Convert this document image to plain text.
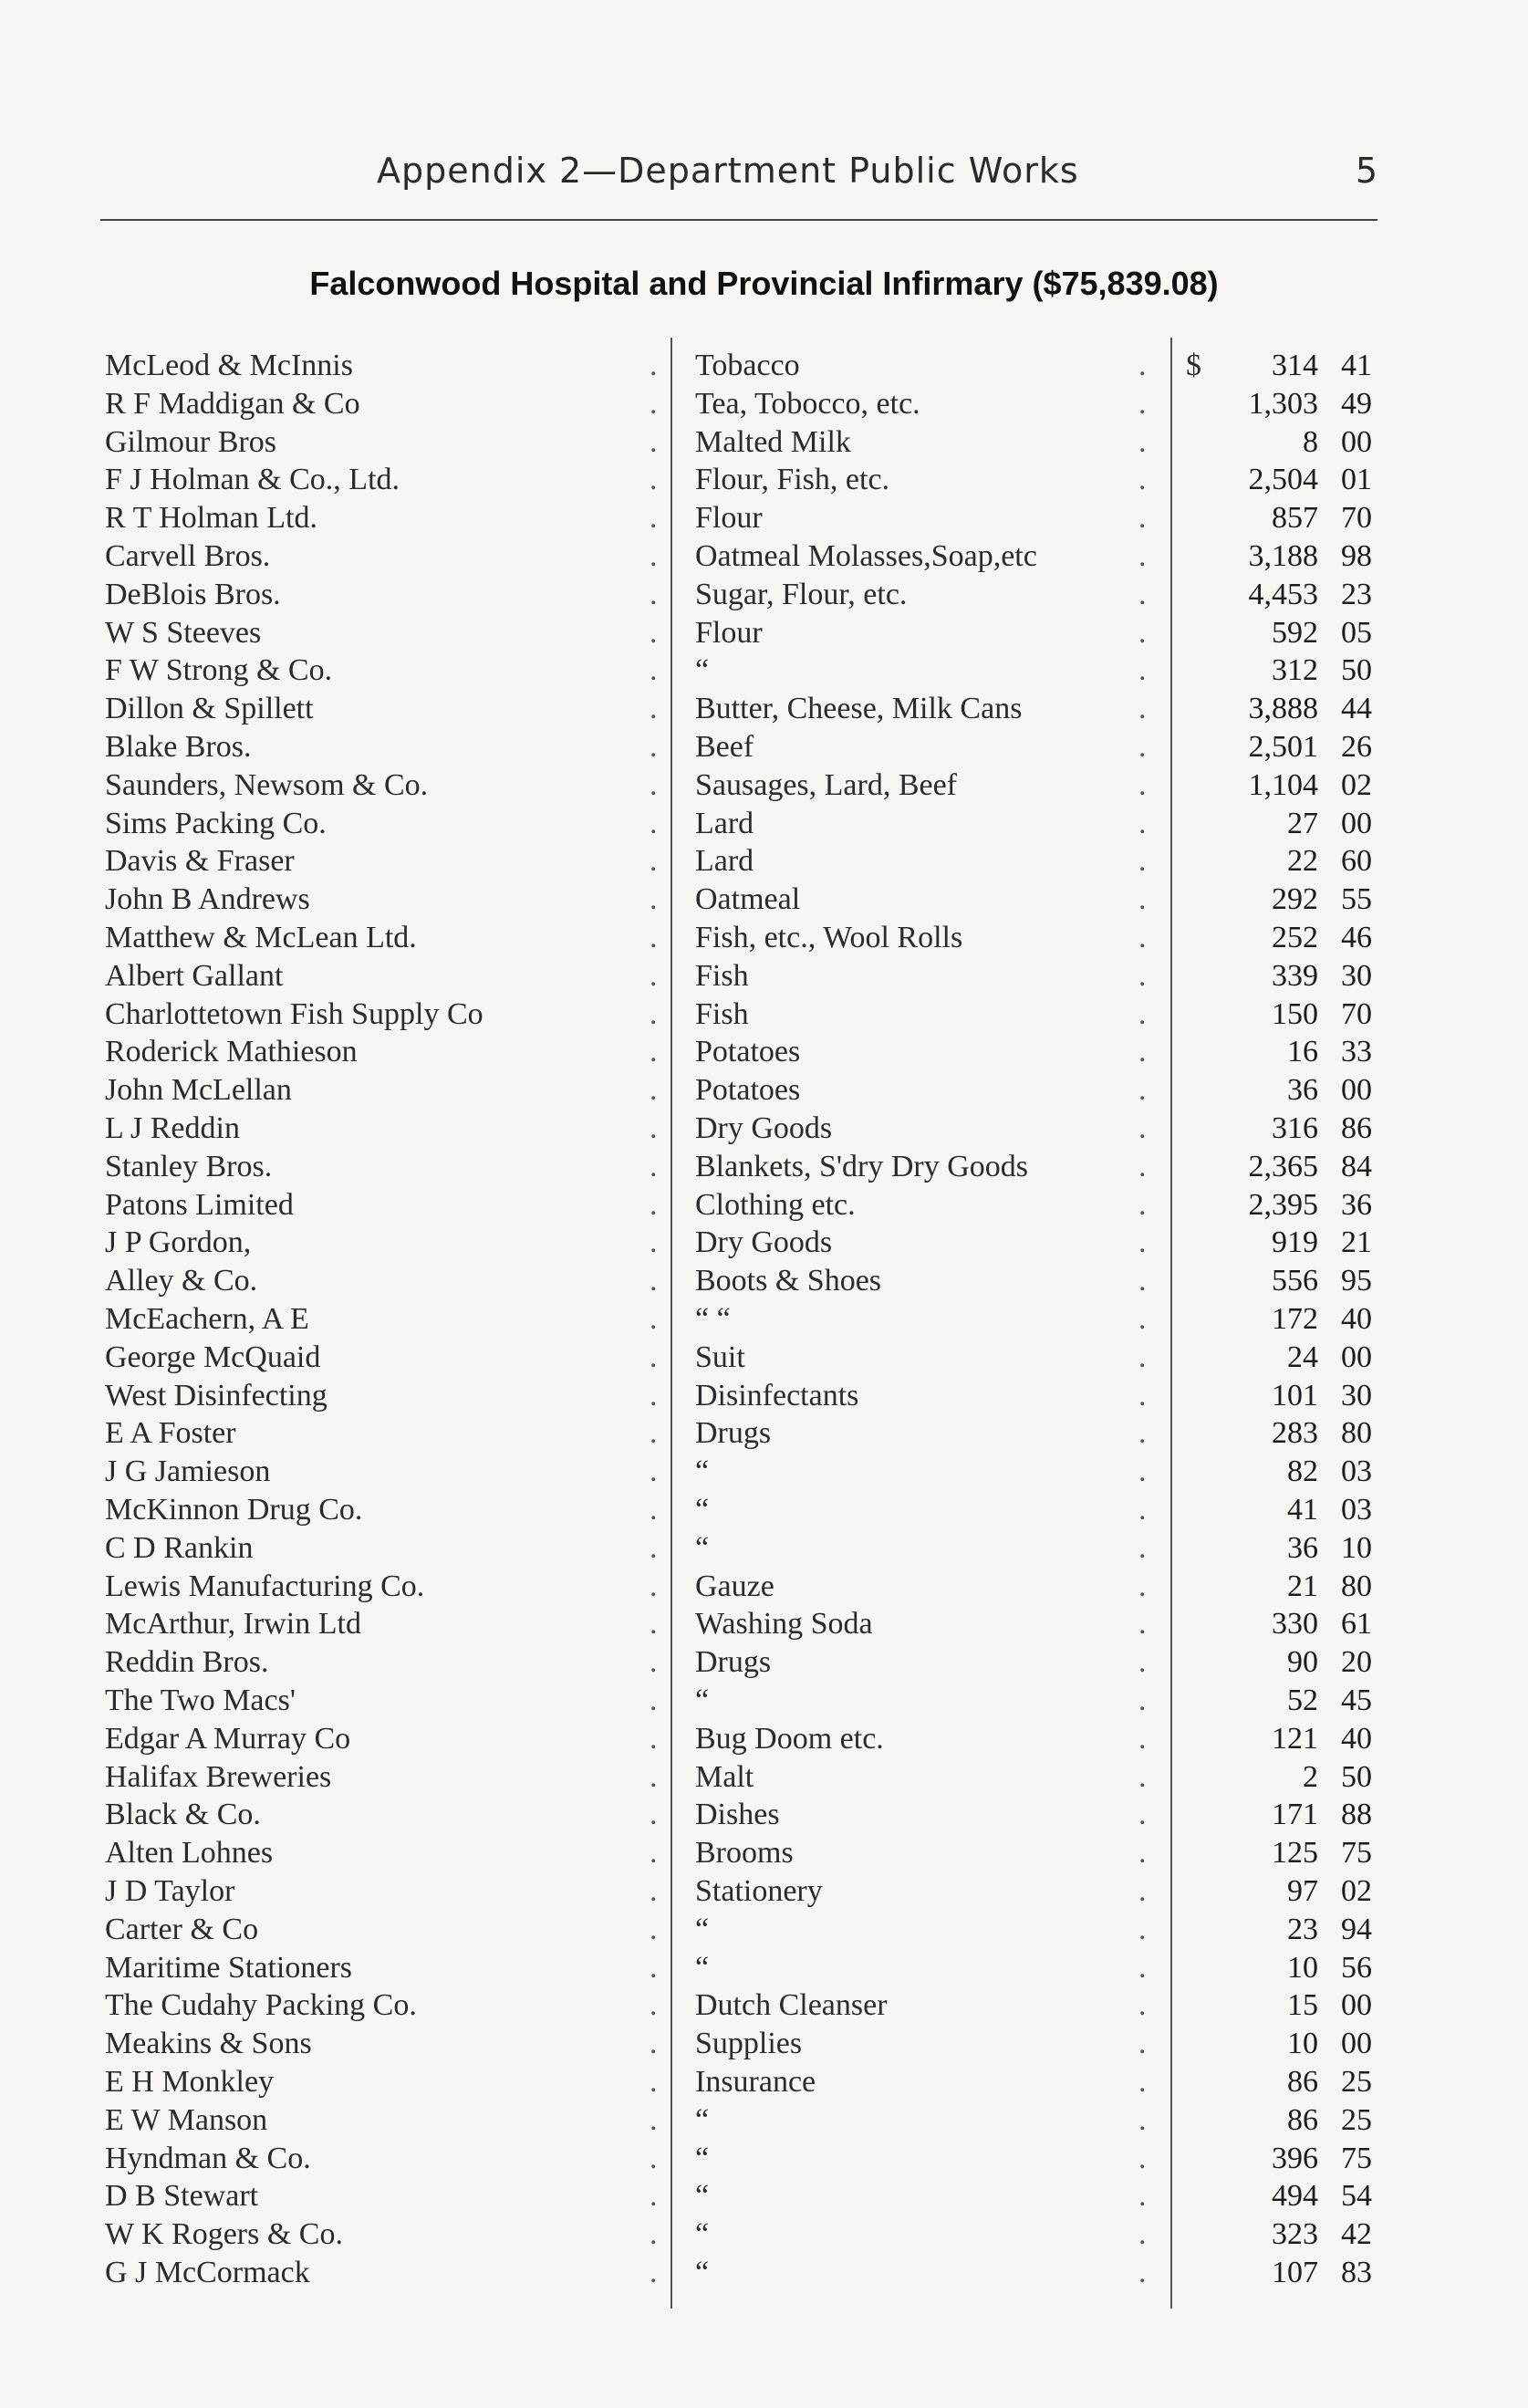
Appendix 2—Department Public Works	5
Falconwood Hospital and Provincial Infirmary ($75,839.08)
$
McLeod & McInnis	. Tobacco	.	314 41
R F Maddigan & Co	. Tea, Tobocco, etc.	.	1,303 49
Gilmour Bros	. Malted Milk	.	8 00
F J Holman & Co., Ltd.	. Flour, Fish, etc.	.	2,504 01
R T Holman Ltd.	. Flour	.	857 70
Carvell Bros.	. Oatmeal Molasses,Soap,etc	.	3,188 98
DeBlois Bros.	. Sugar, Flour, etc.	.	4,453 23
W S Steeves	. Flour	.	592 05
F W Strong & Co.	. “	.	312 50
Dillon & Spillett	. Butter, Cheese, Milk Cans	.	3,888 44
Blake Bros.	. Beef	.	2,501 26
Saunders, Newsom & Co.	. Sausages, Lard, Beef	.	1,104 02
Sims Packing Co.	. Lard	.	27 00
Davis & Fraser	. Lard	.	22 60
John B Andrews	. Oatmeal	.	292 55
Matthew & McLean Ltd.	. Fish, etc., Wool Rolls	.	252 46
Albert Gallant	. Fish	.	339 30
Charlottetown Fish Supply Co	. Fish	.	150 70
Roderick Mathieson	. Potatoes	.	16 33
John McLellan	. Potatoes	.	36 00
L J Reddin	. Dry Goods	.	316 86
Stanley Bros.	. Blankets, S'dry Dry Goods	.	2,365 84
Patons Limited	. Clothing etc.	.	2,395 36
J P Gordon,	. Dry Goods	.	919 21
Alley & Co.	. Boots & Shoes	.	556 95
McEachern, A E	. “ “	.	172 40
George McQuaid	. Suit	.	24 00
West Disinfecting	. Disinfectants	.	101 30
E A Foster	. Drugs	.	283 80
J G Jamieson	. “	.	82 03
McKinnon Drug Co.	. “	.	41 03
C D Rankin	. “	.	36 10
Lewis Manufacturing Co.	. Gauze	.	21 80
McArthur, Irwin Ltd	. Washing Soda	.	330 61
Reddin Bros.	. Drugs	.	90 20
The Two Macs'	. “	.	52 45
Edgar A Murray Co	. Bug Doom etc.	.	121 40
Halifax Breweries	. Malt	.	2 50
Black & Co.	. Dishes	.	171 88
Alten Lohnes	. Brooms	.	125 75
J D Taylor	. Stationery	.	97 02
Carter & Co	. “	.	23 94
Maritime Stationers	. “	.	10 56
The Cudahy Packing Co.	. Dutch Cleanser	.	15 00
Meakins & Sons	. Supplies	.	10 00
E H Monkley	. Insurance	.	86 25
E W Manson	. “	.	86 25
Hyndman & Co.	. “	.	396 75
D B Stewart	. “	.	494 54
W K Rogers & Co.	. “	.	323 42
G J McCormack	. “	.	107 83
